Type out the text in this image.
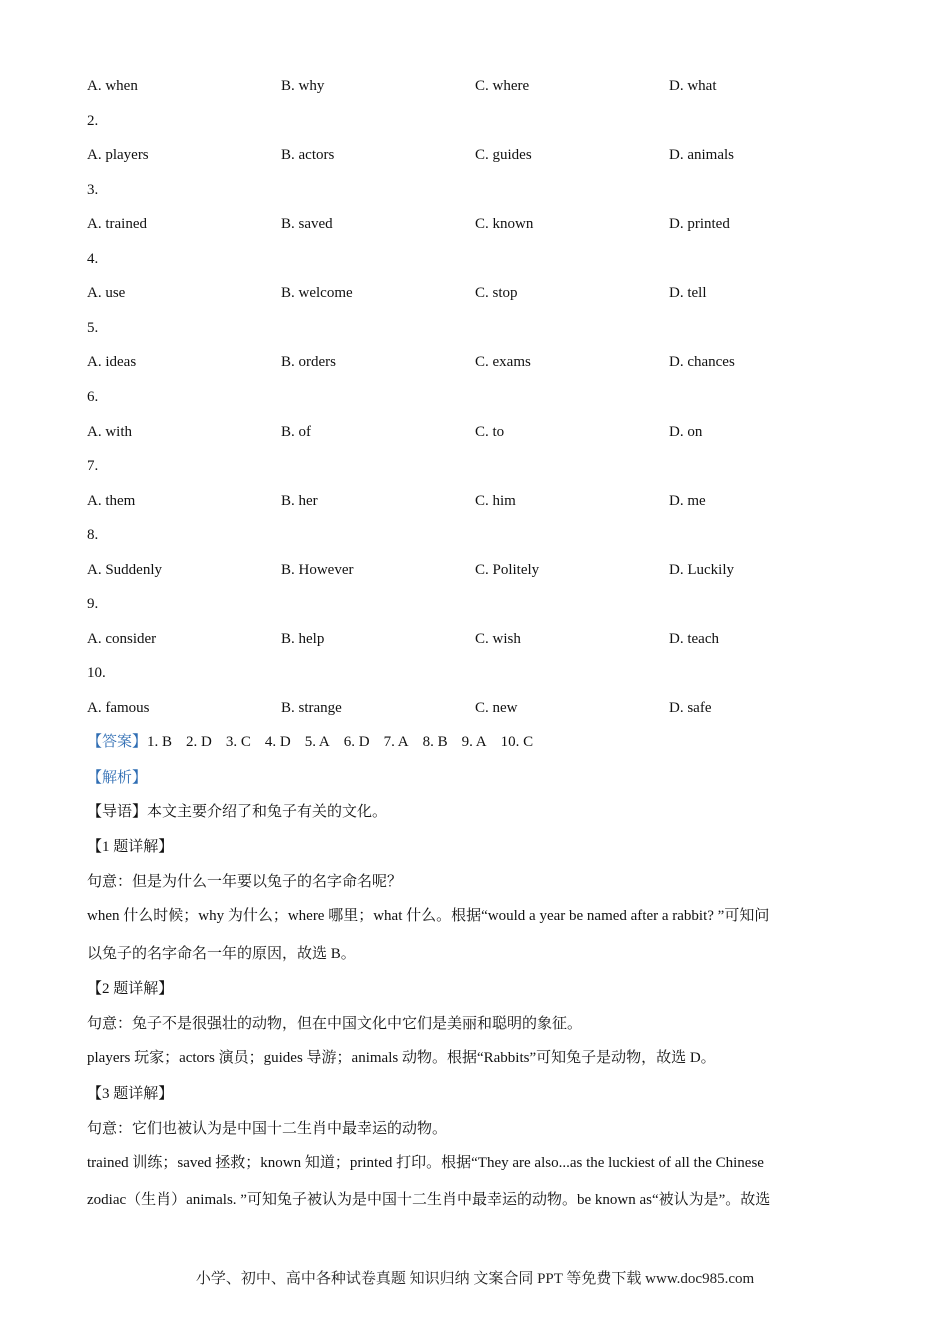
A. when	B. why	C. where	D. what
2.
A. players	B. actors	C. guides	D. animals
3.
A. trained	B. saved	C. known	D. printed
4.
A. use	B. welcome	C. stop	D. tell
5.
A. ideas	B. orders	C. exams	D. chances
6.
A. with	B. of	C. to	D. on
7.
A. them	B. her	C. him	D. me
8.
A. Suddenly	B. However	C. Politely	D. Luckily
9.
A. consider	B. help	C. wish	D. teach
10.
A. famous	B. strange	C. new	D. safe
【答案】1. B 2. D 3. C 4. D 5. A 6. D 7. A 8. B 9. A 10. C
【解析】
【导语】本文主要介绍了和兔子有关的文化。
【1 题详解】
句意：但是为什么一年要以兔子的名字命名呢？
when 什么时候；why 为什么；where 哪里；what 什么。根据“would a year be named after a rabbit? ”可知问
以兔子的名字命名一年的原因，故选 B。
【2 题详解】
句意：兔子不是很强壮的动物，但在中国文化中它们是美丽和聪明的象征。
players 玩家；actors 演员；guides 导游；animals 动物。根据“Rabbits”可知兔子是动物，故选 D。
【3 题详解】
句意：它们也被认为是中国十二生肖中最幸运的动物。
trained 训练；saved 拯救；known 知道；printed 打印。根据“They are also...as the luckiest of all the Chinese
zodiac（生肖）animals. ”可知兔子被认为是中国十二生肖中最幸运的动物。be known as“被认为是”。故选
小学、初中、高中各种试卷真题 知识归纳 文案合同 PPT 等免费下载 www.doc985.com
